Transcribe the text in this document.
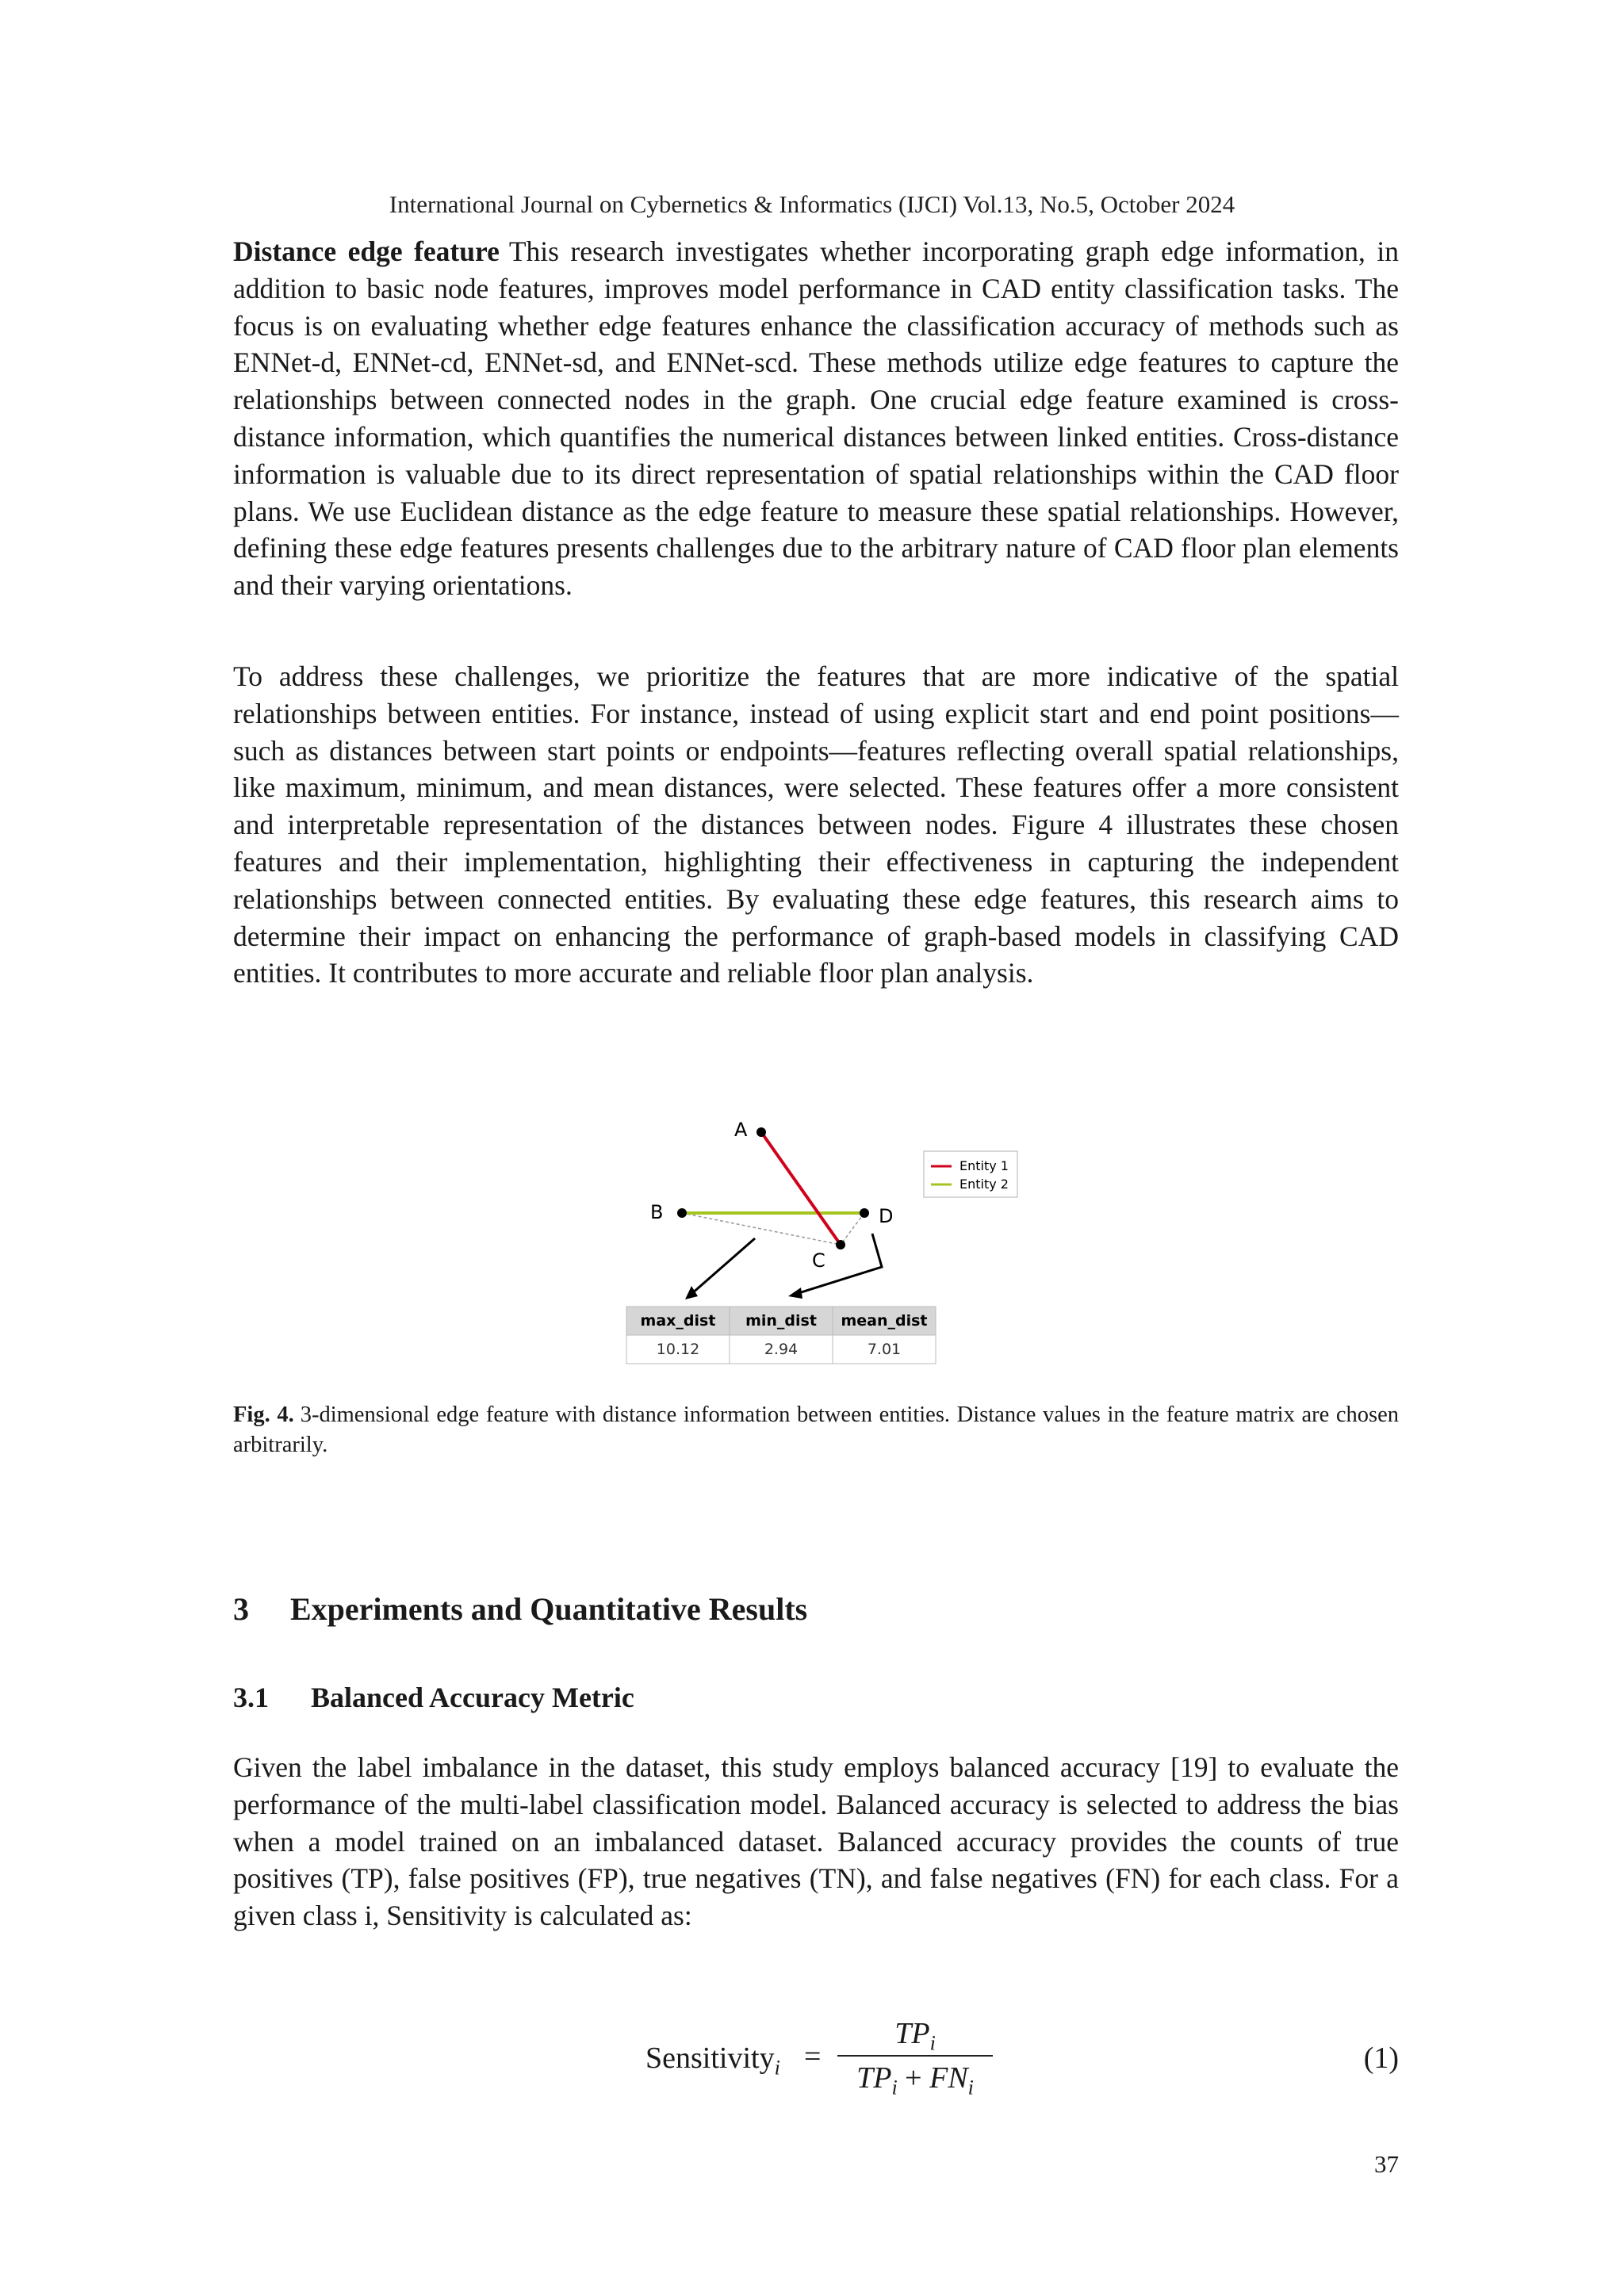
International Journal on Cybernetics & Informatics (IJCI) Vol.13, No.5, October 2024
Distance edge feature This research investigates whether incorporating graph edge information, in addition to basic node features, improves model performance in CAD entity classification tasks. The focus is on evaluating whether edge features enhance the classification accuracy of methods such as ENNet-d, ENNet-cd, ENNet-sd, and ENNet-scd. These methods utilize edge features to capture the relationships between connected nodes in the graph. One crucial edge feature examined is cross-distance information, which quantifies the numerical distances between linked entities. Cross-distance information is valuable due to its direct representation of spatial relationships within the CAD floor plans. We use Euclidean distance as the edge feature to measure these spatial relationships. However, defining these edge features presents challenges due to the arbitrary nature of CAD floor plan elements and their varying orientations.
To address these challenges, we prioritize the features that are more indicative of the spatial relationships between entities. For instance, instead of using explicit start and end point positions—such as distances between start points or endpoints—features reflecting overall spatial relationships, like maximum, minimum, and mean distances, were selected. These features offer a more consistent and interpretable representation of the distances between nodes. Figure 4 illustrates these chosen features and their implementation, highlighting their effectiveness in capturing the independent relationships between connected entities. By evaluating these edge features, this research aims to determine their impact on enhancing the performance of graph-based models in classifying CAD entities. It contributes to more accurate and reliable floor plan analysis.
A
B
C
D
Entity 1
Entity 2
max_dist min_dist mean_dist
10.12	2.94	7.01
Fig. 4. 3-dimensional edge feature with distance information between entities. Distance values in the feature matrix are chosen arbitrarily.
3 Experiments and Quantitative Results
3.1 Balanced Accuracy Metric
Given the label imbalance in the dataset, this study employs balanced accuracy [19] to evaluate the performance of the multi-label classification model. Balanced accuracy is selected to address the bias when a model trained on an imbalanced dataset. Balanced accuracy provides the counts of true positives (TP), false positives (FP), true negatives (TN), and false negatives (FN) for each class. For a given class i, Sensitivity is calculated as:
Sensitivity$_i$ =
$TP_i$
$TP_i + FN_i$
(1)
37
